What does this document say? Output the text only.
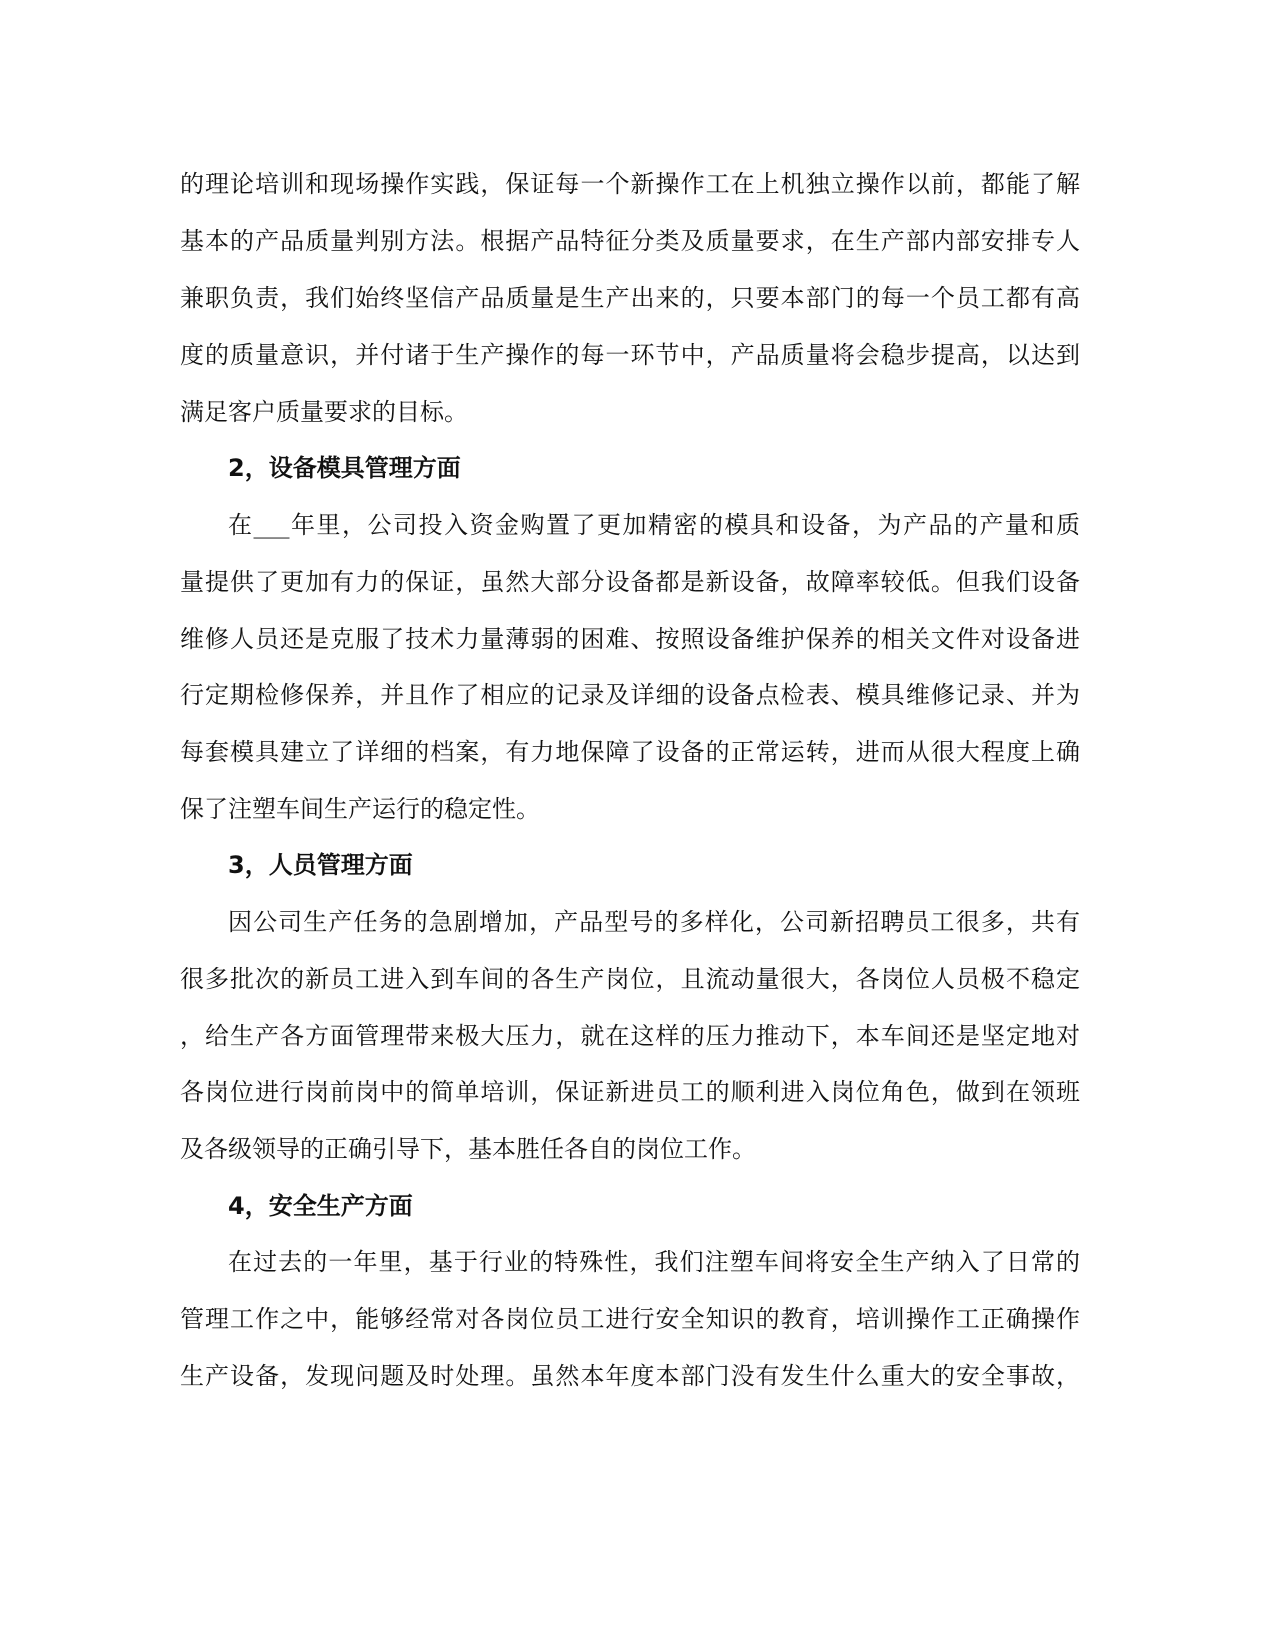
的理论培训和现场操作实践，保证每一个新操作工在上机独立操作以前，都能了解
基本的产品质量判别方法。根据产品特征分类及质量要求，在生产部内部安排专人
兼职负责，我们始终坚信产品质量是生产出来的，只要本部门的每一个员工都有高
度的质量意识，并付诸于生产操作的每一环节中，产品质量将会稳步提高，以达到
满足客户质量要求的目标。
2，设备模具管理方面
在___年里，公司投入资金购置了更加精密的模具和设备，为产品的产量和质
量提供了更加有力的保证，虽然大部分设备都是新设备，故障率较低。但我们设备
维修人员还是克服了技术力量薄弱的困难、按照设备维护保养的相关文件对设备进
行定期检修保养，并且作了相应的记录及详细的设备点检表、模具维修记录、并为
每套模具建立了详细的档案，有力地保障了设备的正常运转，进而从很大程度上确
保了注塑车间生产运行的稳定性。
3，人员管理方面
因公司生产任务的急剧增加，产品型号的多样化，公司新招聘员工很多，共有
很多批次的新员工进入到车间的各生产岗位，且流动量很大，各岗位人员极不稳定
，给生产各方面管理带来极大压力，就在这样的压力推动下，本车间还是坚定地对
各岗位进行岗前岗中的简单培训，保证新进员工的顺利进入岗位角色，做到在领班
及各级领导的正确引导下，基本胜任各自的岗位工作。
4，安全生产方面
在过去的一年里，基于行业的特殊性，我们注塑车间将安全生产纳入了日常的
管理工作之中，能够经常对各岗位员工进行安全知识的教育，培训操作工正确操作
生产设备，发现问题及时处理。虽然本年度本部门没有发生什么重大的安全事故，
